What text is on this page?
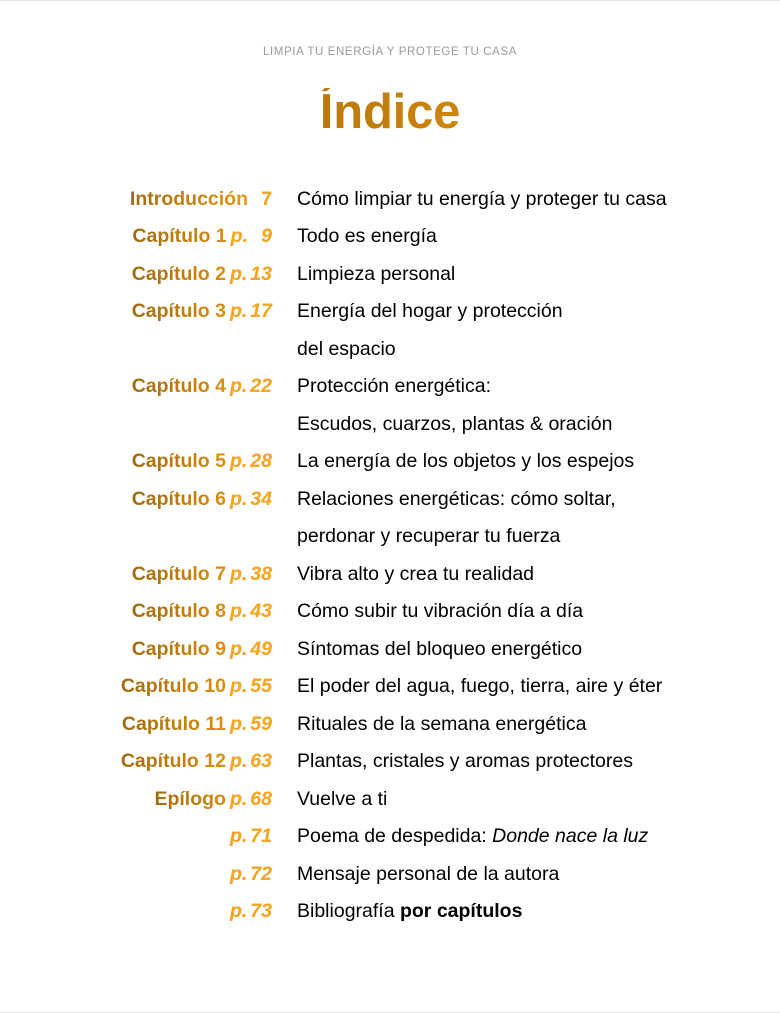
LIMPIA TU ENERGÍA Y PROTEGE TU CASA
Índice
Introducción 7	Cómo limpiar tu energía y proteger tu casa
Capítulo 1 p. 9	Todo es energía
Capítulo 2 p. 13	Limpieza personal
Capítulo 3 p. 17	Energía del hogar y protección
	del espacio
Capítulo 4 p. 22	Protección energética:
	Escudos, cuarzos, plantas & oración
Capítulo 5 p. 28	La energía de los objetos y los espejos
Capítulo 6 p. 34	Relaciones energéticas: cómo soltar,
	perdonar y recuperar tu fuerza
Capítulo 7 p. 38	Vibra alto y crea tu realidad
Capítulo 8 p. 43	Cómo subir tu vibración día a día
Capítulo 9 p. 49	Síntomas del bloqueo energético
Capítulo 10 p. 55	El poder del agua, fuego, tierra, aire y éter
Capítulo 11 p. 59	Rituales de la semana energética
Capítulo 12 p. 63	Plantas, cristales y aromas protectores
Epílogo p. 68	Vuelve a ti
p. 71	Poema de despedida: Donde nace la luz
p. 72	Mensaje personal de la autora
p. 73	Bibliografía por capítulos
